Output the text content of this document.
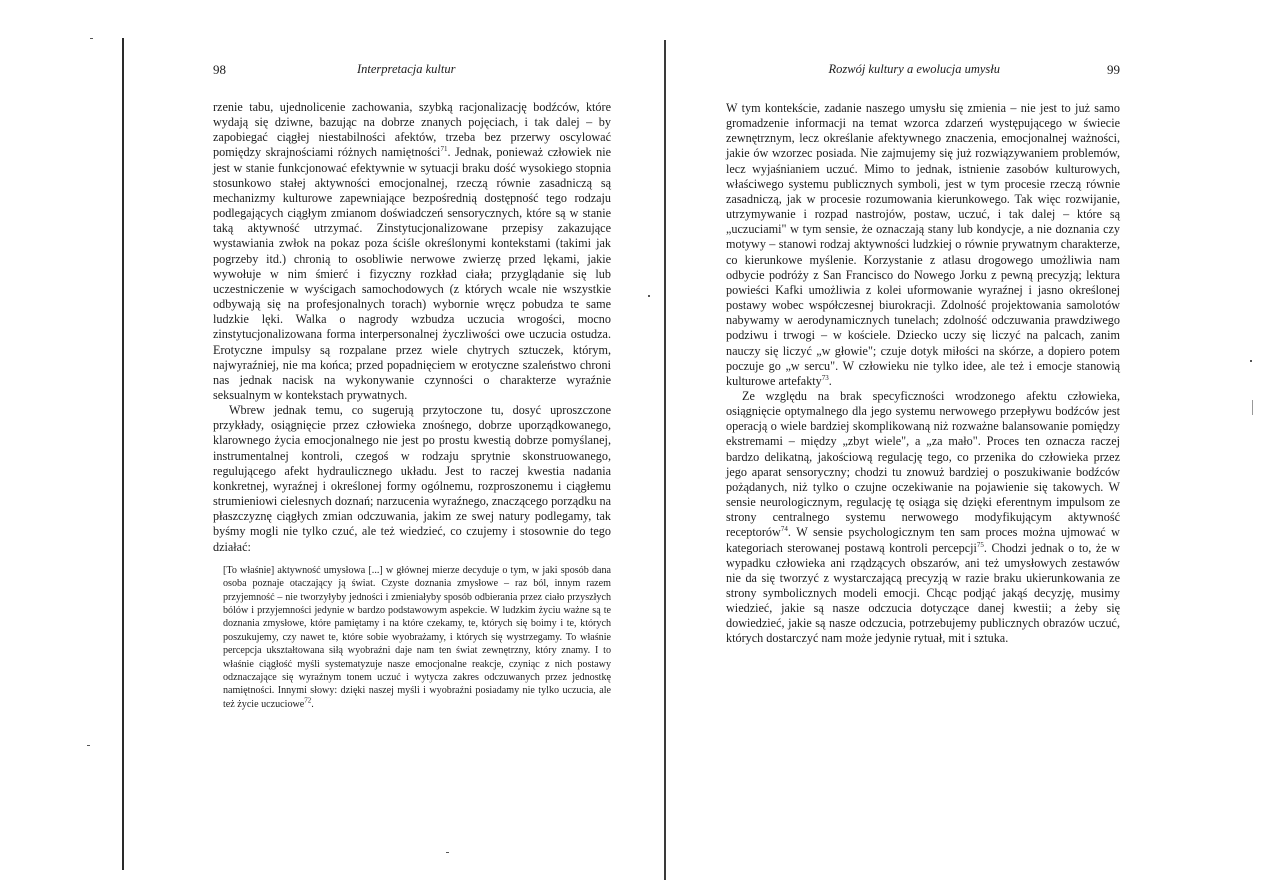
98	Interpretacja kultur

rzenie tabu, ujednolicenie zachowania, szybką racjonalizację bodźców, które wydają się dziwne, bazując na dobrze znanych pojęciach, i tak dalej – by zapobiegać ciągłej niestabilności afektów, trzeba bez przerwy oscylować pomiędzy skrajnościami różnych namiętności$^{71}$. Jednak, ponieważ człowiek nie jest w stanie funkcjonować efektywnie w sytuacji braku dość wysokiego stopnia stosunkowo stałej aktywności emocjonalnej, rzeczą równie zasadniczą są mechanizmy kulturowe zapewniające bezpośrednią dostępność tego rodzaju podlegających ciągłym zmianom doświadczeń sensorycznych, które są w stanie taką aktywność utrzymać. Zinstytucjonalizowane przepisy zakazujące wystawiania zwłok na pokaz poza ściśle określonymi kontekstami (takimi jak pogrzeby itd.) chronią to osobliwie nerwowe zwierzę przed lękami, jakie wywołuje w nim śmierć i fizyczny rozkład ciała; przyglądanie się lub uczestniczenie w wyścigach samochodowych (z których wcale nie wszystkie odbywają się na profesjonalnych torach) wybornie wręcz pobudza te same ludzkie lęki. Walka o nagrody wzbudza uczucia wrogości, mocno zinstytucjonalizowana forma interpersonalnej życzliwości owe uczucia ostudza. Erotyczne impulsy są rozpalane przez wiele chytrych sztuczek, którym, najwyraźniej, nie ma końca; przed popadnięciem w erotyczne szaleństwo chroni nas jednak nacisk na wykonywanie czynności o charakterze wyraźnie seksualnym w kontekstach prywatnych.

Wbrew jednak temu, co sugerują przytoczone tu, dosyć uproszczone przykłady, osiągnięcie przez człowieka znośnego, dobrze uporządkowanego, klarownego życia emocjonalnego nie jest po prostu kwestią dobrze pomyślanej, instrumentalnej kontroli, czegoś w rodzaju sprytnie skonstruowanego, regulującego afekt hydraulicznego układu. Jest to raczej kwestia nadania konkretnej, wyraźnej i określonej formy ogólnemu, rozproszonemu i ciągłemu strumieniowi cielesnych doznań; narzucenia wyraźnego, znaczącego porządku na płaszczyznę ciągłych zmian odczuwania, jakim ze swej natury podlegamy, tak byśmy mogli nie tylko czuć, ale też wiedzieć, co czujemy i stosownie do tego działać:

[To właśnie] aktywność umysłowa [...] w głównej mierze decyduje o tym, w jaki sposób dana osoba poznaje otaczający ją świat. Czyste doznania zmysłowe – raz ból, innym razem przyjemność – nie tworzyłyby jedności i zmieniałyby sposób odbierania przez ciało przyszłych bólów i przyjemności jedynie w bardzo podstawowym aspekcie. W ludzkim życiu ważne są te doznania zmysłowe, które pamiętamy i na które czekamy, te, których się boimy i te, których poszukujemy, czy nawet te, które sobie wyobrażamy, i których się wystrzegamy. To właśnie percepcja ukształtowana siłą wyobraźni daje nam ten świat zewnętrzny, który znamy. I to właśnie ciągłość myśli systematyzuje nasze emocjonalne reakcje, czyniąc z nich postawy odznaczające się wyraźnym tonem uczuć i wytycza zakres odczuwanych przez jednostkę namiętności. Innymi słowy: dzięki naszej myśli i wyobraźni posiadamy nie tylko uczucia, ale też życie uczuciowe$^{72}$.
Rozwój kultury a ewolucja umysłu	99

W tym kontekście, zadanie naszego umysłu się zmienia – nie jest to już samo gromadzenie informacji na temat wzorca zdarzeń występującego w świecie zewnętrznym, lecz określanie afektywnego znaczenia, emocjonalnej ważności, jakie ów wzorzec posiada. Nie zajmujemy się już rozwiązywaniem problemów, lecz wyjaśnianiem uczuć. Mimo to jednak, istnienie zasobów kulturowych, właściwego systemu publicznych symboli, jest w tym procesie rzeczą równie zasadniczą, jak w procesie rozumowania kierunkowego. Tak więc rozwijanie, utrzymywanie i rozpad nastrojów, postaw, uczuć, i tak dalej – które są „uczuciami" w tym sensie, że oznaczają stany lub kondycje, a nie doznania czy motywy – stanowi rodzaj aktywności ludzkiej o równie prywatnym charakterze, co kierunkowe myślenie. Korzystanie z atlasu drogowego umożliwia nam odbycie podróży z San Francisco do Nowego Jorku z pewną precyzją; lektura powieści Kafki umożliwia z kolei uformowanie wyraźnej i jasno określonej postawy wobec współczesnej biurokracji. Zdolność projektowania samolotów nabywamy w aerodynamicznych tunelach; zdolność odczuwania prawdziwego podziwu i trwogi – w kościele. Dziecko uczy się liczyć na palcach, zanim nauczy się liczyć „w głowie"; czuje dotyk miłości na skórze, a dopiero potem poczuje go „w sercu". W człowieku nie tylko idee, ale też i emocje stanowią kulturowe artefakty$^{73}$.

Ze względu na brak specyficzności wrodzonego afektu człowieka, osiągnięcie optymalnego dla jego systemu nerwowego przepływu bodźców jest operacją o wiele bardziej skomplikowaną niż rozważne balansowanie pomiędzy ekstremami – między „zbyt wiele", a „za mało". Proces ten oznacza raczej bardzo delikatną, jakościową regulację tego, co przenika do człowieka przez jego aparat sensoryczny; chodzi tu znowuż bardziej o poszukiwanie bodźców pożądanych, niż tylko o czujne oczekiwanie na pojawienie się takowych. W sensie neurologicznym, regulację tę osiąga się dzięki eferentnym impulsom ze strony centralnego systemu nerwowego modyfikującym aktywność receptorów$^{74}$. W sensie psychologicznym ten sam proces można ujmować w kategoriach sterowanej postawą kontroli percepcji$^{75}$. Chodzi jednak o to, że w wypadku człowieka ani rządzących obszarów, ani też umysłowych zestawów nie da się tworzyć z wystarczającą precyzją w razie braku ukierunkowania ze strony symbolicznych modeli emocji. Chcąc podjąć jakąś decyzję, musimy wiedzieć, jakie są nasze odczucia dotyczące danej kwestii; a żeby się dowiedzieć, jakie są nasze odczucia, potrzebujemy publicznych obrazów uczuć, których dostarczyć nam może jedynie rytuał, mit i sztuka.
